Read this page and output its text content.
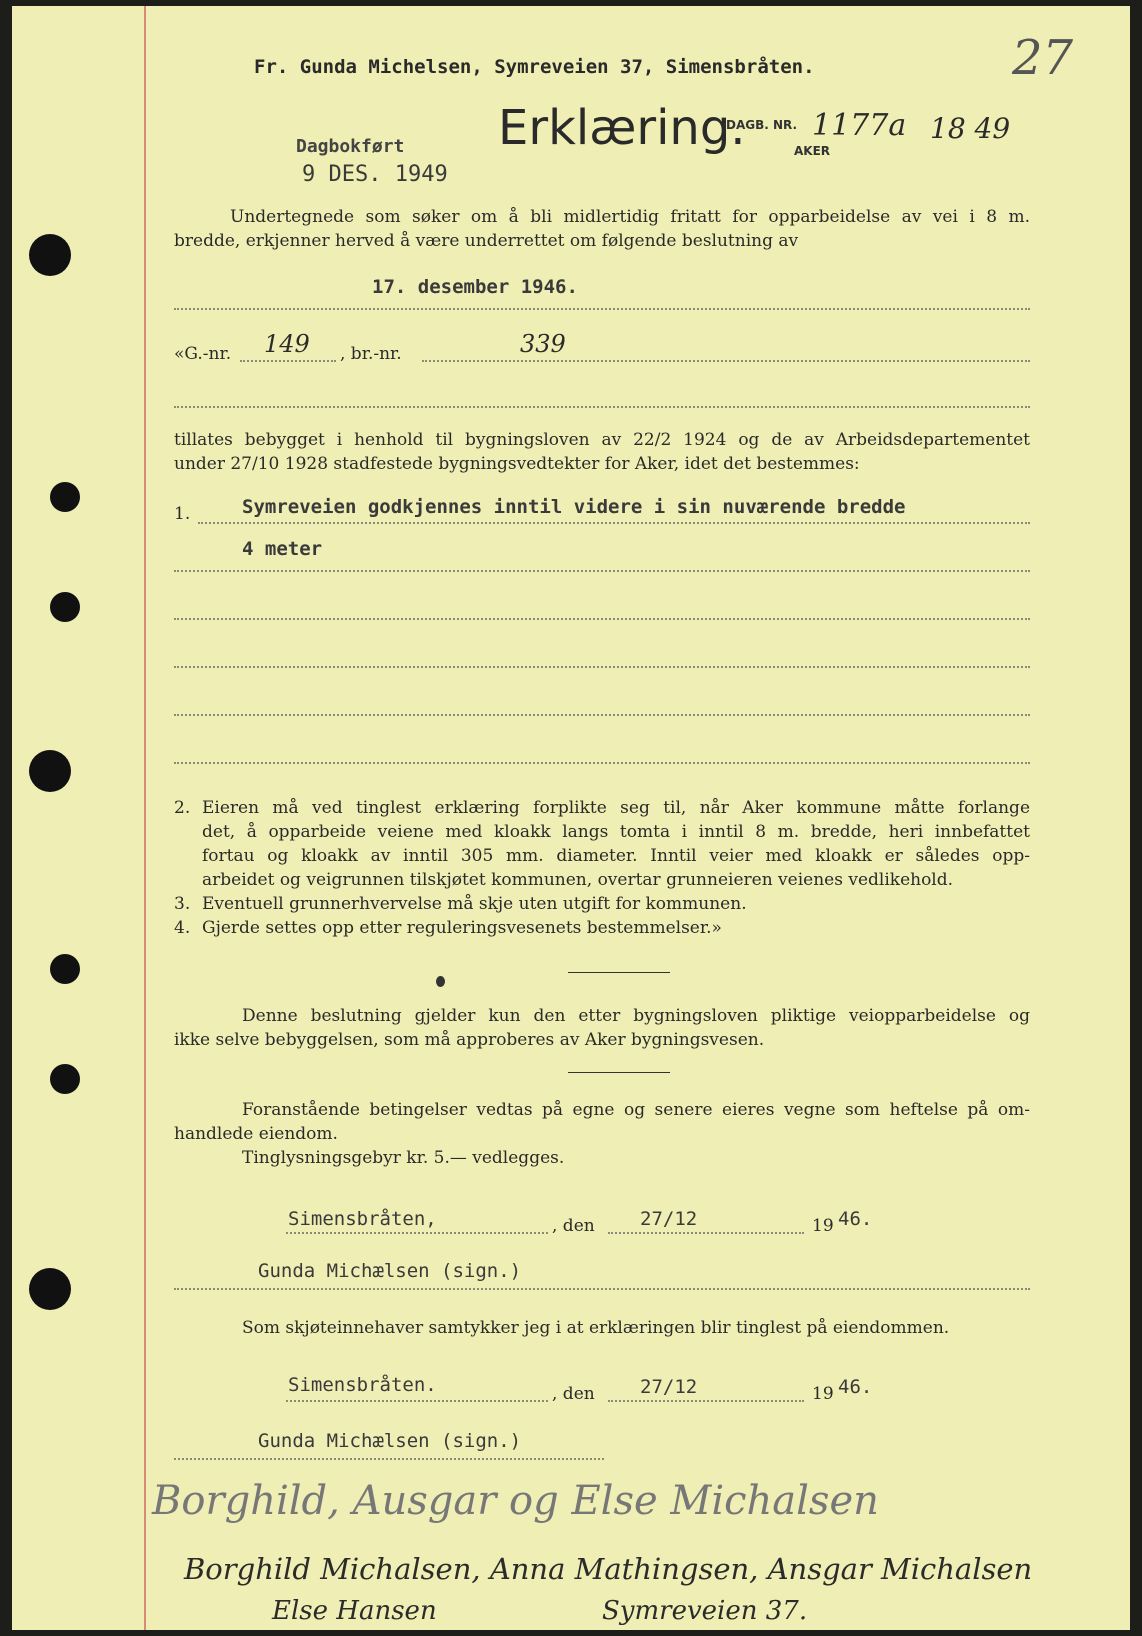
Fr. Gunda Michelsen, Symreveien 37, Simensbråten.	27
Dagbokført
9 DES. 1949
Erklæring.
DAGB. NR.
AKER
1177a 18 49
Undertegnede som søker om å bli midlertidig fritatt for opparbeidelse av vei i 8 m.
bredde, erkjenner herved å være underrettet om følgende beslutning av
17. desember 1946.
«G.-nr. 149 , br.-nr.	339
tillates bebygget i henhold til bygningsloven av 22/2 1924 og de av Arbeidsdepartementet
under 27/10 1928 stadfestede bygningsvedtekter for Aker, idet det bestemmes:
1.	Symreveien godkjennes inntil videre i sin nuværende bredde
4 meter
2. Eieren må ved tinglest erklæring forplikte seg til, når Aker kommune måtte forlange
det, å opparbeide veiene med kloakk langs tomta i inntil 8 m. bredde, heri innbefattet
fortau og kloakk av inntil 305 mm. diameter. Inntil veier med kloakk er således opp-
arbeidet og veigrunnen tilskjøtet kommunen, overtar grunneieren veienes vedlikehold.
3. Eventuell grunnerhvervelse må skje uten utgift for kommunen.
4. Gjerde settes opp etter reguleringsvesenets bestemmelser.»
Denne beslutning gjelder kun den etter bygningsloven pliktige veiopparbeidelse og
ikke selve bebyggelsen, som må approberes av Aker bygningsvesen.
Foranstående betingelser vedtas på egne og senere eieres vegne som heftelse på om-
handlede eiendom.
Tinglysningsgebyr kr. 5.— vedlegges.
Simensbråten,	, den 27/12	19 46.
Gunda Michælsen (sign.)
Som skjøteinnehaver samtykker jeg i at erklæringen blir tinglest på eiendommen.
Simensbråten.	, den 27/12	19 46.
Gunda Michælsen (sign.)
Borghild, Ausgar og Else Michalsen
Borghild Michalsen, Anna Mathingsen, Ansgar Michalsen
Else Hansen	Symreveien 37.
